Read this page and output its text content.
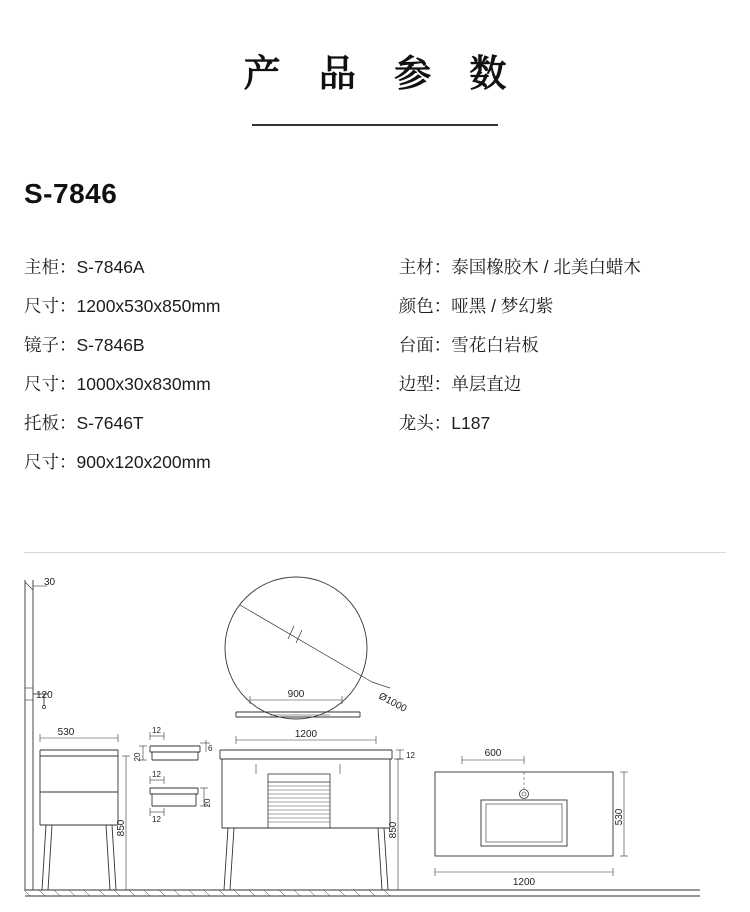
产 品 参 数
S-7846
主柜：S-7846A
尺寸：1200x530x850mm
镜子：S-7846B
尺寸：1000x30x830mm
托板：S-7646T
尺寸：900x120x200mm
主材：泰国橡胶木 / 北美白蜡木
颜色：哑黑 / 梦幻紫
台面：雪花白岩板
边型：单层直边
龙头：L187
30
120
530
850
900	Ø1000
12
20
6
12
20
12
1200
12
850
600
530
1200
